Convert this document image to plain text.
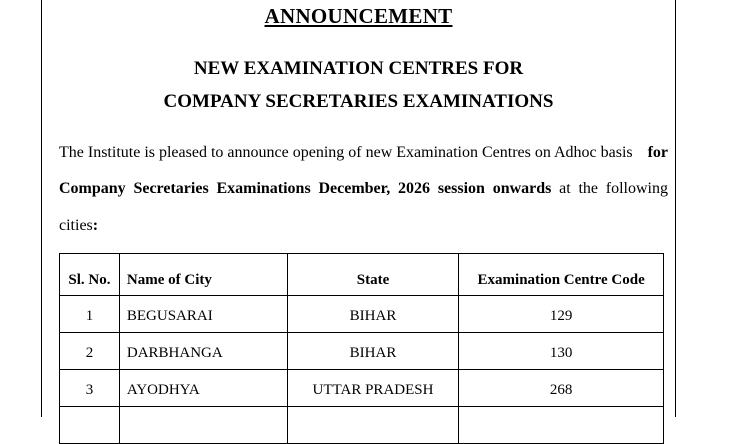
ANNOUNCEMENT
NEW EXAMINATION CENTRES FOR
COMPANY SECRETARIES EXAMINATIONS
The Institute is pleased to announce opening of new Examination Centres on Adhoc basis for
Company Secretaries Examinations December, 2026 session onwards at the following
cities:
Sl. No.	Name of City	State	Examination Centre Code
1	BEGUSARAI	BIHAR	129
2	DARBHANGA	BIHAR	130
3	AYODHYA	UTTAR PRADESH	268
